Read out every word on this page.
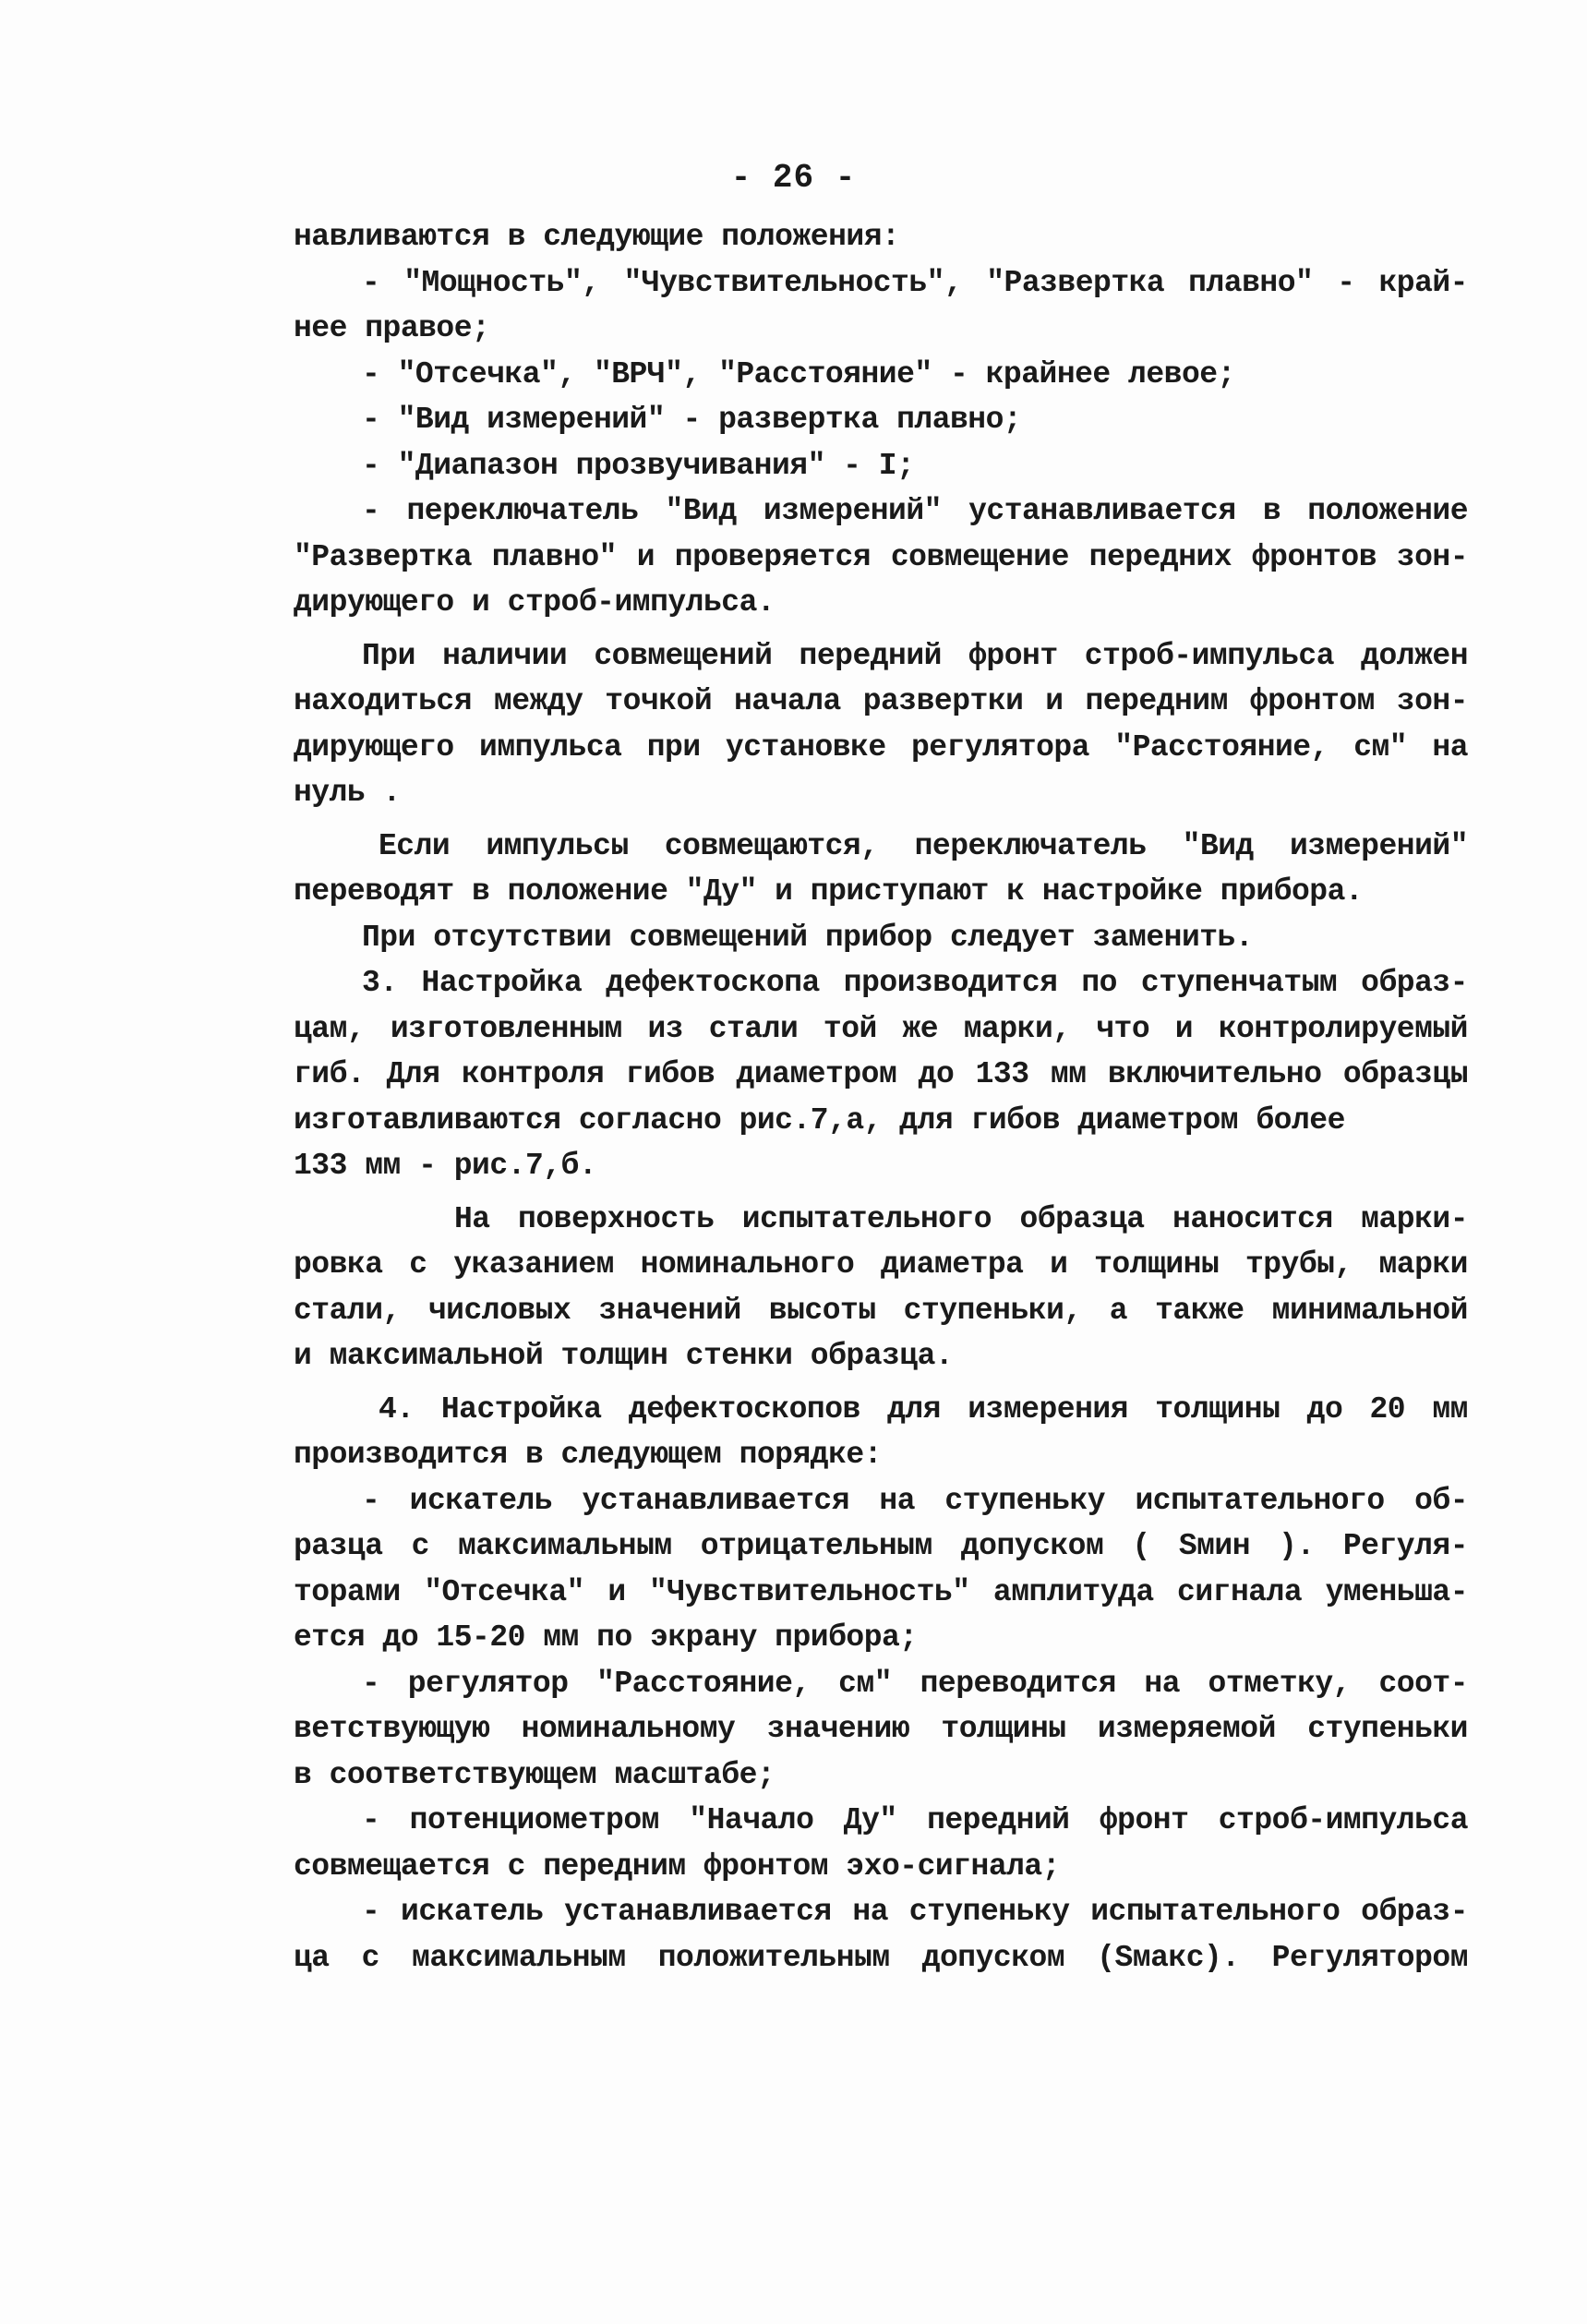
- 26 -
навливаются в следующие положения:
- "Мощность", "Чувствительность", "Развертка плавно" - край-
нее правое;
- "Отсечка", "ВРЧ", "Расстояние" - крайнее левое;
- "Вид измерений" - развертка плавно;
- "Диапазон прозвучивания" - I;
- переключатель "Вид измерений" устанавливается в положение
"Развертка плавно" и проверяется совмещение передних фронтов зон-
дирующего и строб-импульса.
При наличии совмещений передний фронт строб-импульса должен
находиться между точкой начала развертки и передним фронтом зон-
дирующего импульса при установке регулятора "Расстояние, см" на
нуль .
Если импульсы совмещаются, переключатель "Вид измерений"
переводят в положение "Ду" и приступают к настройке прибора.
При отсутствии совмещений прибор следует заменить.
3. Настройка дефектоскопа производится по ступенчатым образ-
цам, изготовленным из стали той же марки, что и контролируемый
гиб. Для контроля гибов диаметром до 133 мм включительно образцы
изготавливаются согласно рис.7,а, для гибов диаметром более
133 мм - рис.7,б.
На поверхность испытательного образца наносится марки-
ровка с указанием номинального диаметра и толщины трубы, марки
стали, числовых значений высоты ступеньки, а также минимальной
и максимальной толщин стенки образца.
4. Настройка дефектоскопов для измерения толщины до 20 мм
производится в следующем порядке:
- искатель устанавливается на ступеньку испытательного об-
разца с максимальным отрицательным допуском ( Sмин ). Регуля-
торами "Отсечка" и "Чувствительность" амплитуда сигнала уменьша-
ется до 15-20 мм по экрану прибора;
- регулятор "Расстояние, см" переводится на отметку, соот-
ветствующую номинальному значению толщины измеряемой ступеньки
в соответствующем масштабе;
- потенциометром "Начало Ду" передний фронт строб-импульса
совмещается с передним фронтом эхо-сигнала;
- искатель устанавливается на ступеньку испытательного образ-
ца с максимальным положительным допуском (Sмакс). Регулятором
